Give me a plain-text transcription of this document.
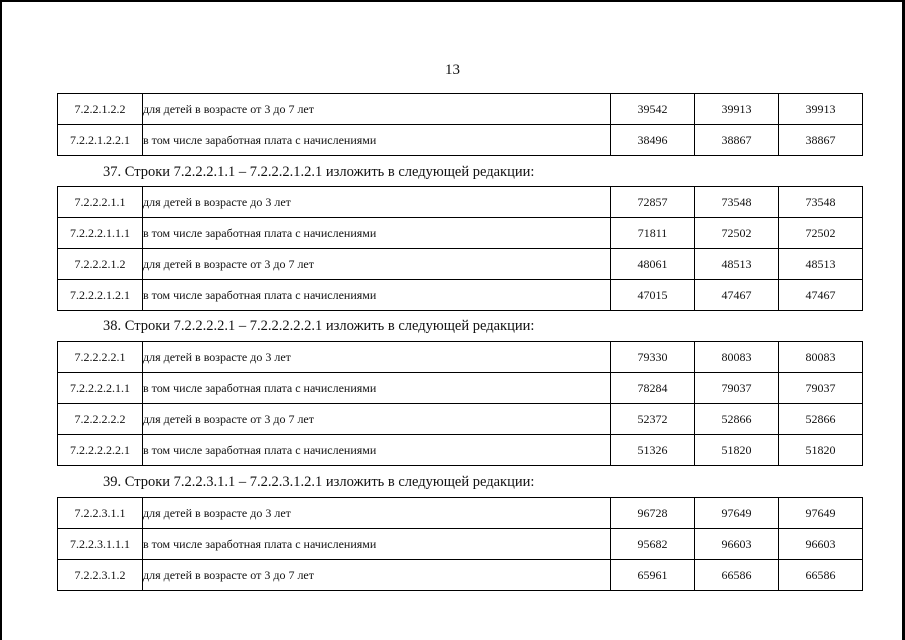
13
7.2.2.1.2.2	для детей в возрасте от 3 до 7 лет	39542	39913	39913
7.2.2.1.2.2.1	в том числе заработная плата с начислениями	38496	38867	38867
37. Строки 7.2.2.2.1.1 – 7.2.2.2.1.2.1 изложить в следующей редакции:
7.2.2.2.1.1	для детей в возрасте до 3 лет	72857	73548	73548
7.2.2.2.1.1.1	в том числе заработная плата с начислениями	71811	72502	72502
7.2.2.2.1.2	для детей в возрасте от 3 до 7 лет	48061	48513	48513
7.2.2.2.1.2.1	в том числе заработная плата с начислениями	47015	47467	47467
38. Строки 7.2.2.2.2.1 – 7.2.2.2.2.2.1 изложить в следующей редакции:
7.2.2.2.2.1	для детей в возрасте до 3 лет	79330	80083	80083
7.2.2.2.2.1.1	в том числе заработная плата с начислениями	78284	79037	79037
7.2.2.2.2.2	для детей в возрасте от 3 до 7 лет	52372	52866	52866
7.2.2.2.2.2.1	в том числе заработная плата с начислениями	51326	51820	51820
39. Строки 7.2.2.3.1.1 – 7.2.2.3.1.2.1 изложить в следующей редакции:
7.2.2.3.1.1	для детей в возрасте до 3 лет	96728	97649	97649
7.2.2.3.1.1.1	в том числе заработная плата с начислениями	95682	96603	96603
7.2.2.3.1.2	для детей в возрасте от 3 до 7 лет	65961	66586	66586
